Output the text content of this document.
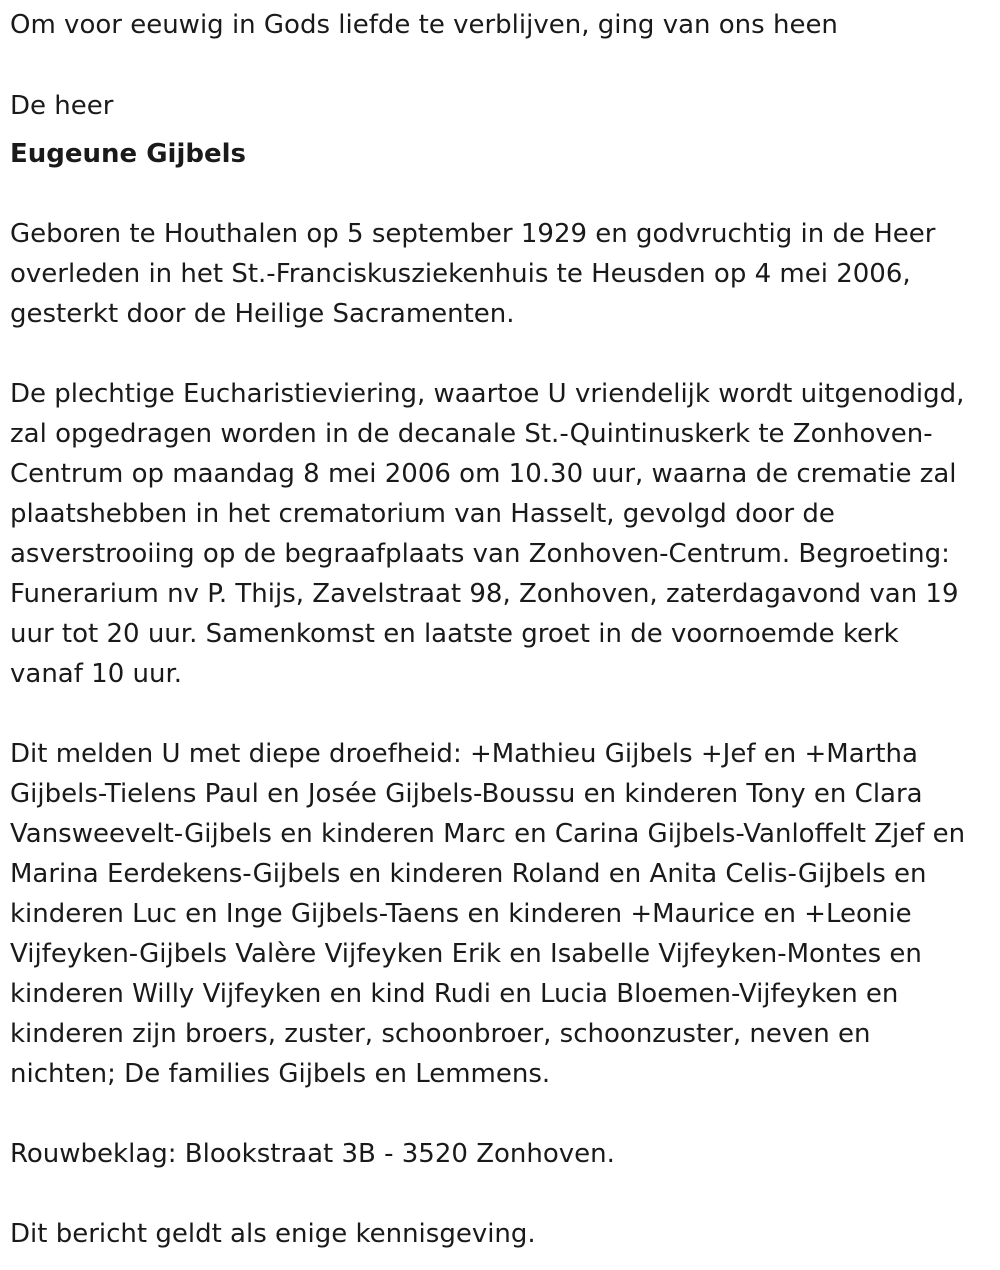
Om voor eeuwig in Gods liefde te verblijven, ging van ons heen

De heer

Eugeune Gijbels

Geboren te Houthalen op 5 september 1929 en godvruchtig in de Heer

overleden in het St.-Franciskusziekenhuis te Heusden op 4 mei 2006,

gesterkt door de Heilige Sacramenten.

De plechtige Eucharistieviering, waartoe U vriendelijk wordt uitgenodigd,

zal opgedragen worden in de decanale St.-Quintinuskerk te Zonhoven-

Centrum op maandag 8 mei 2006 om 10.30 uur, waarna de crematie zal

plaatshebben in het crematorium van Hasselt, gevolgd door de

asverstrooiing op de begraafplaats van Zonhoven-Centrum. Begroeting:

Funerarium nv P. Thijs, Zavelstraat 98, Zonhoven, zaterdagavond van 19

uur tot 20 uur. Samenkomst en laatste groet in de voornoemde kerk

vanaf 10 uur.

Dit melden U met diepe droefheid: +Mathieu Gijbels +Jef en +Martha

Gijbels-Tielens Paul en Josée Gijbels-Boussu en kinderen Tony en Clara

Vansweevelt-Gijbels en kinderen Marc en Carina Gijbels-Vanloffelt Zjef en

Marina Eerdekens-Gijbels en kinderen Roland en Anita Celis-Gijbels en

kinderen Luc en Inge Gijbels-Taens en kinderen +Maurice en +Leonie

Vijfeyken-Gijbels Valère Vijfeyken Erik en Isabelle Vijfeyken-Montes en

kinderen Willy Vijfeyken en kind Rudi en Lucia Bloemen-Vijfeyken en

kinderen zijn broers, zuster, schoonbroer, schoonzuster, neven en

nichten; De families Gijbels en Lemmens.

Rouwbeklag: Blookstraat 3B - 3520 Zonhoven.

Dit bericht geldt als enige kennisgeving.
